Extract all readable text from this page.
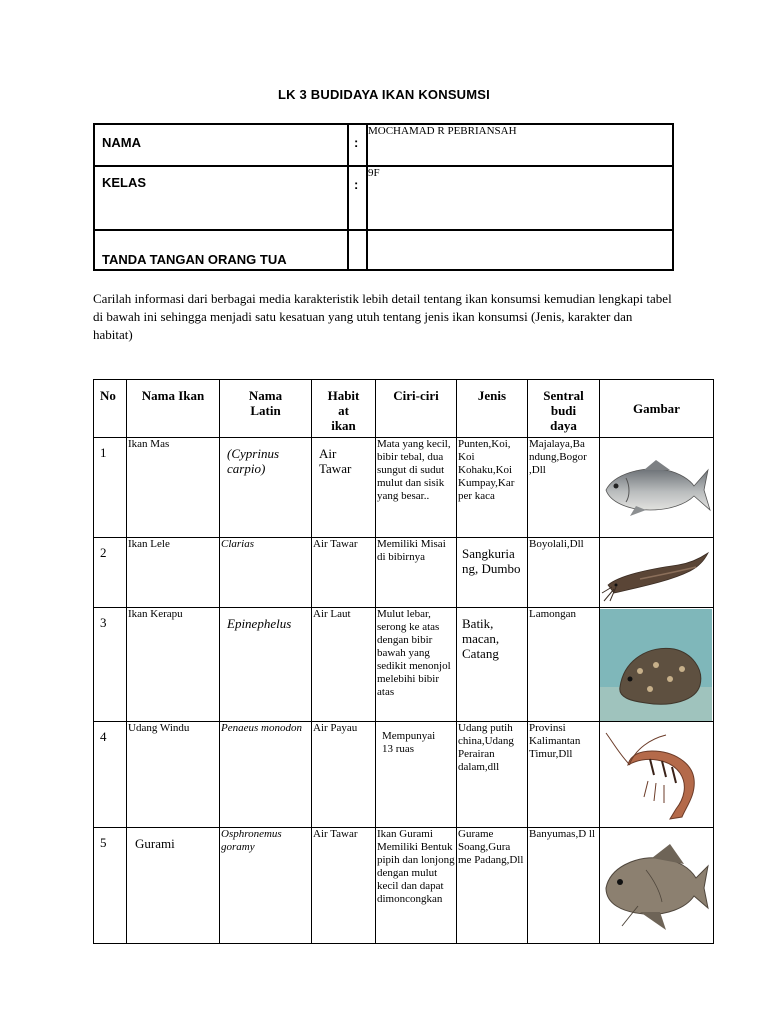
LK 3 BUDIDAYA IKAN KONSUMSI
NAMA	:	MOCHAMAD R PEBRIANSAH

KELAS	:	9F

TANDA TANGAN ORANG TUA		

Carilah informasi dari berbagai media karakteristik lebih detail tentang ikan konsumsi kemudian lengkapi tabel di bawah ini sehingga menjadi satu kesatuan yang utuh tentang jenis ikan konsumsi (Jenis, karakter dan habitat)
No	Nama Ikan	Nama Latin	Habit at ikan	Ciri-ciri	Jenis	Sentral budi daya	Gambar
1	Ikan Mas	(Cyprinus carpio)	Air Tawar	Mata yang kecil, bibir tebal, dua sungut di sudut mulut dan sisik yang besar..	Punten,Koi, Koi Kohaku,Koi Kumpay,Kar per kaca	Majalaya,Ba ndung,Bogor ,Dll	

2	Ikan Lele	Clarias	Air Tawar	Memiliki Misai di bibirnya	Sangkuria ng, Dumbo	Boyolali,Dll	

3	Ikan Kerapu	Epinephelus	Air Laut	Mulut lebar, serong ke atas dengan bibir bawah yang sedikit menonjol melebihi bibir atas	Batik, macan, Catang	Lamongan	

4	Udang Windu	Penaeus monodon	Air Payau	Mempunyai 13 ruas	Udang putih china,Udang Perairan dalam,dll	Provinsi Kalimantan Timur,Dll	

5	Gurami	Osphronemus goramy	Air Tawar	Ikan Gurami Memiliki Bentuk pipih dan lonjong dengan mulut kecil dan dapat dimoncongkan	Gurame Soang,Gura me Padang,Dll	Banyumas,D ll	
